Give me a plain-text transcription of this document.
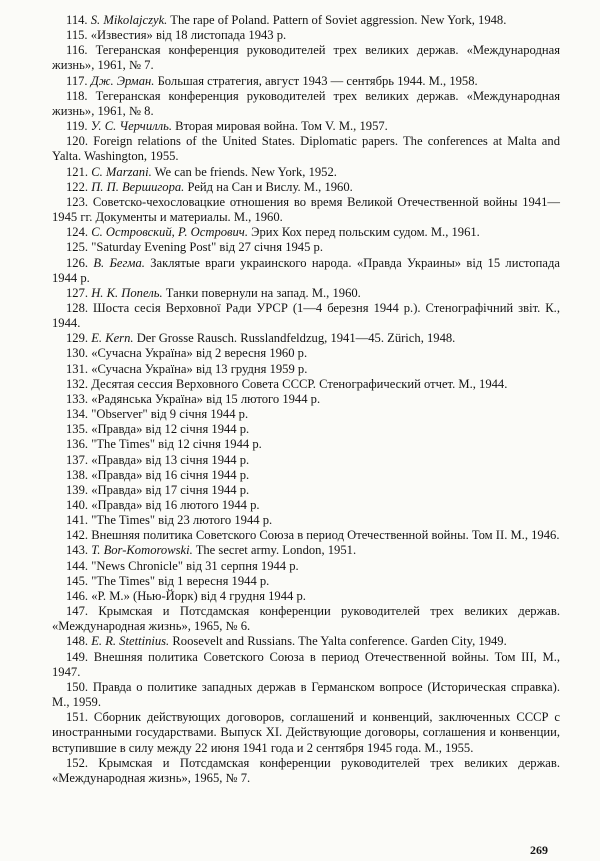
114. S. Mikolajczyk. The rape of Poland. Pattern of Soviet aggression. New York, 1948.

115. «Известия» від 18 листопада 1943 р.

116. Тегеранская конференция руководителей трех великих держав. «Международная жизнь», 1961, № 7.

117. Дж. Эрман. Большая стратегия, август 1943 — сентябрь 1944. М., 1958.

118. Тегеранская конференция руководителей трех великих держав. «Международная жизнь», 1961, № 8.

119. У. С. Черчилль. Вторая мировая война. Том V. М., 1957.

120. Foreign relations of the United States. Diplomatic papers. The conferences at Malta and Yalta. Washington, 1955.

121. C. Marzani. We can be friends. New York, 1952.

122. П. П. Вершигора. Рейд на Сан и Вислу. М., 1960.

123. Советско-чехословацкие отношения во время Великой Отечественной войны 1941—1945 гг. Документы и материалы. М., 1960.

124. С. Островский, Р. Острович. Эрих Кох перед польским судом. М., 1961.

125. "Saturday Evening Post" від 27 січня 1945 р.

126. В. Бегма. Заклятые враги украинского народа. «Правда Украины» від 15 листопада 1944 р.

127. Н. К. Попель. Танки повернули на запад. М., 1960.

128. Шоста сесія Верховної Ради УРСР (1—4 березня 1944 р.). Стенографічний звіт. К., 1944.

129. E. Kern. Der Grosse Rausch. Russlandfeldzug, 1941—45. Zürich, 1948.

130. «Сучасна Україна» від 2 вересня 1960 р.

131. «Сучасна Україна» від 13 грудня 1959 р.

132. Десятая сессия Верховного Совета СССР. Стенографический отчет. М., 1944.

133. «Радянська Україна» від 15 лютого 1944 р.

134. "Observer" від 9 січня 1944 р.

135. «Правда» від 12 січня 1944 р.

136. "The Times" від 12 січня 1944 р.

137. «Правда» від 13 січня 1944 р.

138. «Правда» від 16 січня 1944 р.

139. «Правда» від 17 січня 1944 р.

140. «Правда» від 16 лютого 1944 р.

141. "The Times" від 23 лютого 1944 р.

142. Внешняя политика Советского Союза в период Отечественной войны. Том II. М., 1946.

143. T. Bor-Komorowski. The secret army. London, 1951.

144. "News Chronicle" від 31 серпня 1944 р.

145. "The Times" від 1 вересня 1944 р.

146. «Р. М.» (Нью-Йорк) від 4 грудня 1944 р.

147. Крымская и Потсдамская конференции руководителей трех великих держав. «Международная жизнь», 1965, № 6.

148. E. R. Stettinius. Roosevelt and Russians. The Yalta conference. Garden City, 1949.

149. Внешняя политика Советского Союза в период Отечественной войны. Том III, М., 1947.

150. Правда о политике западных держав в Германском вопросе (Историческая справка). М., 1959.

151. Сборник действующих договоров, соглашений и конвенций, заключенных СССР с иностранными государствами. Выпуск XI. Действующие договоры, соглашения и конвенции, вступившие в силу между 22 июня 1941 года и 2 сентября 1945 года. М., 1955.

152. Крымская и Потсдамская конференции руководителей трех великих держав. «Международная жизнь», 1965, № 7.

269
